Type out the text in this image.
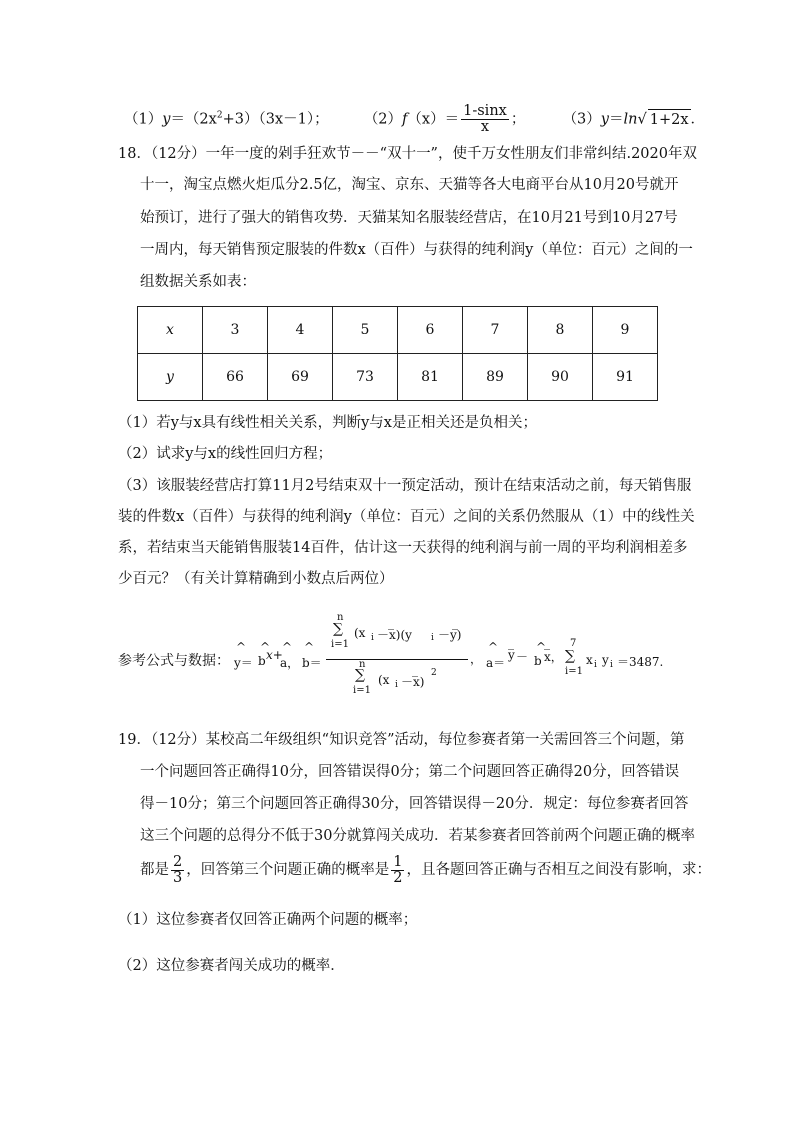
$(1)y=(2x^2+3)(3x-1)$； $(2)f(x)= \frac{1-\sin x}{x}$ ；	（3）y＝ln√ 1+2x ．
18．（12分）一年一度的剁手狂欢节－－“双十一”，使千万女性朋友们非常纠结.2020年双
十一，淘宝点燃火炬瓜分2.5亿，淘宝、京东、天猫等各大电商平台从10月20号就开
始预订，进行了强大的销售攻势．天猫某知名服装经营店，在10月21号到10月27号
一周内，每天销售预定服装的件数x（百件）与获得的纯利润y（单位：百元）之间的一
组数据关系如表：
x	3	4	5	6	7	8	9
y	66	69	73	81	89	90	91
（1）若y与x具有线性相关关系，判断y与x是正相关还是负相关；
（2）试求y与x的线性回归方程；
（3）该服装经营店打算11月2号结束双十一预定活动，预计在结束活动之前，每天销售服
装的件数x（百件）与获得的纯利润y（单位：百元）之间的关系仍然服从（1）中的线性关
系，若结束当天能销售服装14百件，估计这一天获得的纯利润与前一周的平均利润相差多
少百元？（有关计算精确到小数点后两位）
参考公式与数据：
^
y＝
^
b x+
^
a，
^
b＝
n
∑
i=1
(x i
_
－x)(y i
_
－y)
n
∑
i=1
(x i
_
－x)
2
，
^
a＝
_
y －
^
b
_
x，
7
∑
i=1
x i y i ＝3487.
19．（12分）某校高二年级组织“知识竞答”活动，每位参赛者第一关需回答三个问题，第
一个问题回答正确得10分，回答错误得0分；第二个问题回答正确得20分，回答错误
得－10分；第三个问题回答正确得30分，回答错误得－20分．规定：每位参赛者回答
这三个问题的总得分不低于30分就算闯关成功．若某参赛者回答前两个问题正确的概率
都是 $\frac{2}{3}$ ，回答第三个问题正确的概率是 $\frac{1}{2}$ ，且各题回答正确与否相互之间没有影响，求：
（1）这位参赛者仅回答正确两个问题的概率；
（2）这位参赛者闯关成功的概率．
